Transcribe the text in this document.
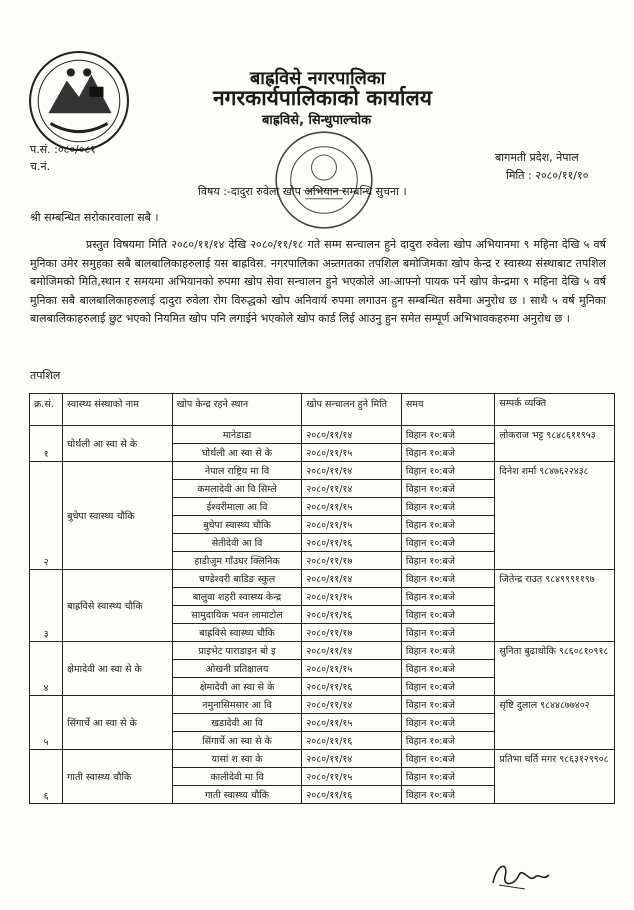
बाह्रविसे नगरपालिका
नगरकार्यपालिकाको कार्यालय
बाह्रविसे, सिन्धुपाल्चोक
प.सं. :०८०/०८१
च.नं.
बागमती प्रदेश, नेपाल
मिति : २०८०/११/१०
विषय :-दादुरा रुवेला खोप अभियान सम्बन्धि सुचना ।
श्री सम्बन्धित सरोकारवाला सबै ।
प्रस्तुत विषयमा मिति २०८०/११/१४ देखि २०८०/११/१८ गते सम्म सन्चालन हुने दादुरा रुवेला खोप अभियानमा ९ महिना देखि ५ वर्ष मुनिका उमेर समुहका सबै बालबालिकाहरुलाई यस बाह्रविस. नगरपालिका अन्र्तगतका तपशिल बमोजिमका खोप केन्द्र र स्वास्थ्य संस्थाबाट तपशिल बमोजिमको मिति,स्थान र समयमा अभियानको रुपमा खोप सेवा सन्चालन हुने भएकोले आ-आफ्नो पायक पर्ने खोप केन्द्रमा ९ महिना देखि ५ वर्ष मुनिका सबै बालबालिकाहरुलाई दादुरा रुवेला रोग विरुद्धको खोप अनिवार्य रुपमा लगाउन हुन सम्बन्धित सवैमा अनुरोध छ । साथै ५ वर्ष मुनिका बालबालिकाहरुलाई छुट भएको नियमित खोप पनि लगाईने भएकोले खोप कार्ड लिई आउनु हुन समेत सम्पूर्ण अभिभावकहरुमा अनुरोध छ ।
तपशिल
क्र.सं.	स्वास्थ्य संस्थाको नाम	खोप केन्द्र रहने स्थान	खोप सन्चालन हुने मिति	समय	सम्पर्क व्यक्ति
१	घोर्थली आ स्वा से के	मानेडाडा	२०८०/११/१४	विहान १०:बजे	लोकराज भट्ट ९८४८६११९५३
		घोर्थली आ स्वा से के	२०८०/११/१५	विहान १०:बजे	
२	बुधेपा स्वास्थ्य चौकि	नेपाल राष्ट्रिय मा वि	२०८०/११/१४	विहान १०:बजे	दिनेश शर्मा ९८४७६२२४३८
		कमलादेवी आ वि सिम्ले	२०८०/११/१४	विहान १०:बजे	
		ईश्वरीमाला आ वि	२०८०/११/१५	विहान १०:बजे	
		बुधेपा स्वास्थ्य चौकि	२०८०/११/१५	विहान १०:बजे	
		सेतीदेवी आ वि	२०८०/११/१६	विहान १०:बजे	
		हाडीजुम गाँउघर क्लिनिक	२०८०/११/१७	विहान १०:बजे	
३	बाह्रविसे स्वास्थ्य चौकि	चण्डेश्वरी बाडिङ स्कुल	२०८०/११/१४	विहान १०:बजे	जितेन्द्र राउत ९८४९९९११९७
		बालुवा शहरी स्वास्थ्य केन्द्र	२०८०/११/१५	विहान १०:बजे	
		सामुदायिक भवन लामाटोल	२०८०/११/१६	विहान १०:बजे	
		बाह्रविसे स्वास्थ्य चौकि	२०८०/११/१७	विहान १०:बजे	
४	क्षेमादेवी आ स्वा से के	प्राइभेट पाराडाइन बो इ	२०८०/११/१४	विहान १०:बजे	सुनिता बुढाथोकि ९८६०८१०९१८
		ओखनी प्रतिक्षालय	२०८०/११/१५	विहान १०:बजे	
		क्षेमादेवी आ स्वा से के	२०८०/११/१६	विहान १०:बजे	
५	सिंगार्चे आ स्वा से के	नमुनासिमसार आ वि	२०८०/११/१४	विहान १०:बजे	सृष्टि दुलाल ९८४४८७७४०२
		खडादेवी आ वि	२०८०/११/१५	विहान १०:बजे	
		सिंगार्चे आ स्वा से के	२०८०/११/१६	विहान १०:बजे	
६	गाती स्वास्थ्य चौकि	यासां श स्वा के	२०८०/११/१४	विहान १०:बजे	प्रतिभा घर्ति मगर ९८६३१२९९०८
		कालीदेवी मा वि	२०८०/११/१५	विहान १०:बजे	
		गाती स्वास्थ्य चौकि	२०८०/११/१६	विहान १०:बजे	
